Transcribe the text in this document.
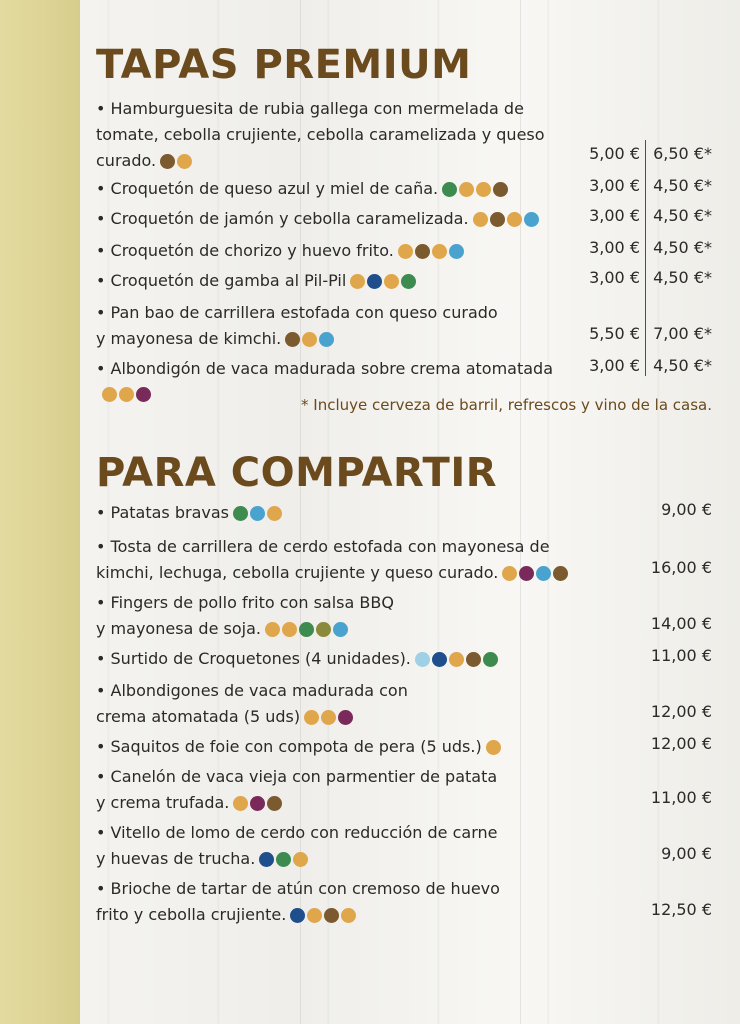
TAPAS PREMIUM
• Hamburguesita de rubia gallega con mermelada de
tomate, cebolla crujiente, cebolla caramelizada y queso
curado.	5,00 € 6,50 €*
• Croquetón de queso azul y miel de caña.	3,00 € 4,50 €*
• Croquetón de jamón y cebolla caramelizada.	3,00 € 4,50 €*
• Croquetón de chorizo y huevo frito.	3,00 € 4,50 €*
• Croquetón de gamba al Pil-Pil	3,00 € 4,50 €*
• Pan bao de carrillera estofada con queso curado
y mayonesa de kimchi.	5,50 € 7,00 €*
• Albondigón de vaca madurada sobre crema atomatada	3,00 € 4,50 €*
* Incluye cerveza de barril, refrescos y vino de la casa.
PARA COMPARTIR
• Patatas bravas	9,00 €
• Tosta de carrillera de cerdo estofada con mayonesa de
kimchi, lechuga, cebolla crujiente y queso curado.	16,00 €
• Fingers de pollo frito con salsa BBQ
y mayonesa de soja.	14,00 €
• Surtido de Croquetones (4 unidades).	11,00 €
• Albondigones de vaca madurada con
crema atomatada (5 uds)	12,00 €
• Saquitos de foie con compota de pera (5 uds.)	12,00 €
• Canelón de vaca vieja con parmentier de patata
y crema trufada.	11,00 €
• Vitello de lomo de cerdo con reducción de carne
y huevas de trucha.	9,00 €
• Brioche de tartar de atún con cremoso de huevo
frito y cebolla crujiente.	12,50 €
